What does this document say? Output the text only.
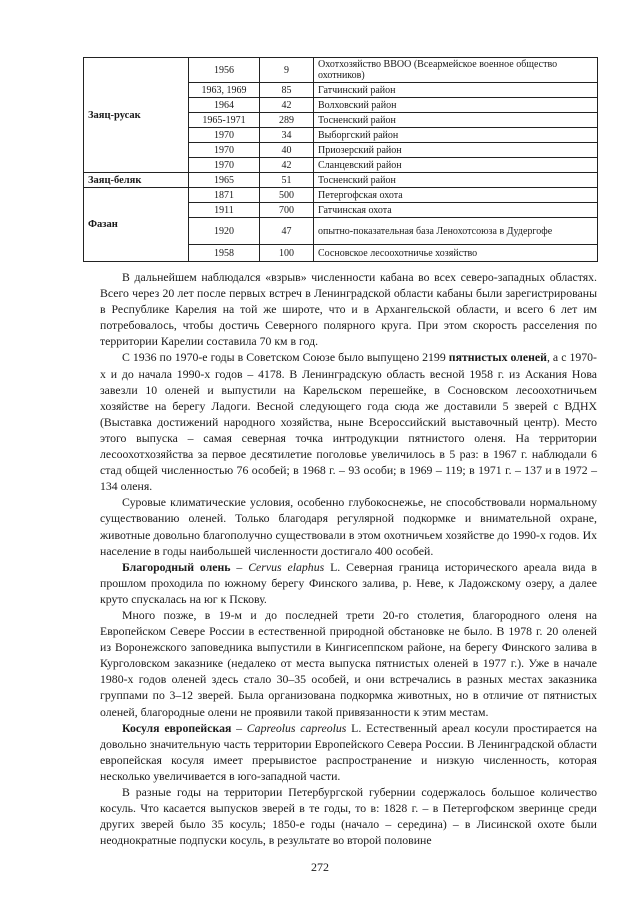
Заяц-русак	1956	9	Охотхозяйство ВВОО (Всеармейское военное общество охотников)
	1963, 1969	85	Гатчинский район
	1964	42	Волховский район
	1965-1971	289	Тосненский район
	1970	34	Выборгский район
	1970	40	Приозерский район
	1970	42	Сланцевский район
Заяц-беляк	1965	51	Тосненский район
Фазан	1871	500	Петергофская охота
	1911	700	Гатчинская охота
	1920	47	опытно-показательная база Ленохотсоюза в Дудергофе
	1958	100	Сосновское лесоохотничье хозяйство

В дальнейшем наблюдался «взрыв» численности кабана во всех северо-западных областях. Всего через 20 лет после первых встреч в Ленинградской области кабаны были зарегистрированы в Республике Карелия на той же широте, что и в Архангельской области, и всего 6 лет им потребовалось, чтобы достичь Северного полярного круга. При этом скорость расселения по территории Карелии составила 70 км в год.

С 1936 по 1970-е годы в Советском Союзе было выпущено 2199 пятнистых оленей, а с 1970-х и до начала 1990-х годов – 4178. В Ленинградскую область весной 1958 г. из Аскания Нова завезли 10 оленей и выпустили на Карельском перешейке, в Сосновском лесоохотничьем хозяйстве на берегу Ладоги. Весной следующего года сюда же доставили 5 зверей с ВДНХ (Выставка достижений народного хозяйства, ныне Всероссийский выставочный центр). Место этого выпуска – самая северная точка интродукции пятнистого оленя. На территории лесоохотхозяйства за первое десятилетие поголовье увеличилось в 5 раз: в 1967 г. наблюдали 6 стад общей численностью 76 особей; в 1968 г. – 93 особи; в 1969 – 119; в 1971 г. – 137 и в 1972 – 134 оленя.

Суровые климатические условия, особенно глубокоснежье, не способствовали нормальному существованию оленей. Только благодаря регулярной подкормке и внимательной охране, животные довольно благополучно существовали в этом охотничьем хозяйстве до 1990-х годов. Их население в годы наибольшей численности достигало 400 особей.

Благородный олень – Cervus elaphus L. Северная граница исторического ареала вида в прошлом проходила по южному берегу Финского залива, р. Неве, к Ладожскому озеру, а далее круто спускалась на юг к Пскову.

Много позже, в 19-м и до последней трети 20-го столетия, благородного оленя на Европейском Севере России в естественной природной обстановке не было. В 1978 г. 20 оленей из Воронежского заповедника выпустили в Кингисеппском районе, на берегу Финского залива в Курголовском заказнике (недалеко от места выпуска пятнистых оленей в 1977 г.). Уже в начале 1980-х годов оленей здесь стало 30–35 особей, и они встречались в разных местах заказника группами по 3–12 зверей. Была организована подкормка животных, но в отличие от пятнистых оленей, благородные олени не проявили такой привязанности к этим местам.

Косуля европейская – Capreolus capreolus L. Естественный ареал косули простирается на довольно значительную часть территории Европейского Севера России. В Ленинградской области европейская косуля имеет прерывистое распространение и низкую численность, которая несколько увеличивается в юго-западной части.

В разные годы на территории Петербургской губернии содержалось большое количество косуль. Что касается выпусков зверей в те годы, то в: 1828 г. – в Петергофском зверинце среди других зверей было 35 косуль; 1850-е годы (начало – середина) – в Лисинской охоте были неоднократные подпуски косуль, в результате во второй половине

272
